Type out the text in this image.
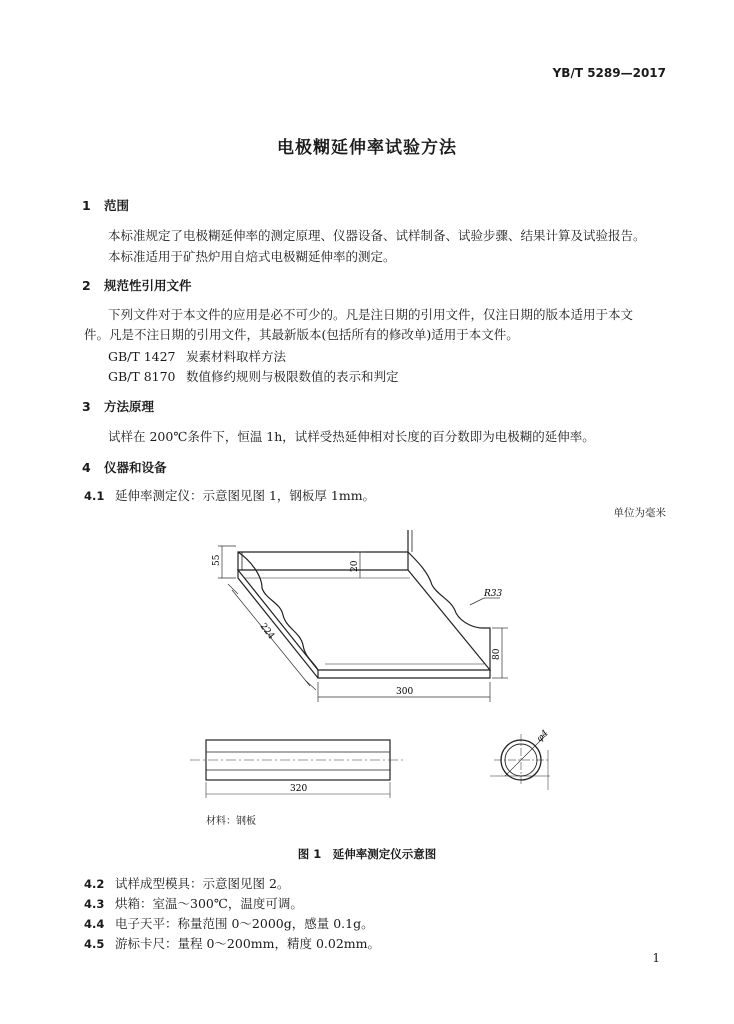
YB/T 5289—2017
电极糊延伸率试验方法
1 范围
本标准规定了电极糊延伸率的测定原理、仪器设备、试样制备、试验步骤、结果计算及试验报告。
本标准适用于矿热炉用自焙式电极糊延伸率的测定。
2 规范性引用文件
下列文件对于本文件的应用是必不可少的。凡是注日期的引用文件，仅注日期的版本适用于本文
件。凡是不注日期的引用文件，其最新版本(包括所有的修改单)适用于本文件。
GB/T 1427 炭素材料取样方法
GB/T 8170 数值修约规则与极限数值的表示和判定
3 方法原理
试样在 200℃条件下，恒温 1h，试样受热延伸相对长度的百分数即为电极糊的延伸率。
4 仪器和设备
4.1 延伸率测定仪：示意图见图 1，钢板厚 1mm。
单位为毫米
55
20
224
R33
80
300
320
φ4
材料：钢板
图 1　延伸率测定仪示意图
4.2 试样成型模具：示意图见图 2。
4.3 烘箱：室温～300℃，温度可调。
4.4 电子天平：称量范围 0～2000g，感量 0.1g。
4.5 游标卡尺：量程 0～200mm，精度 0.02mm。
1
